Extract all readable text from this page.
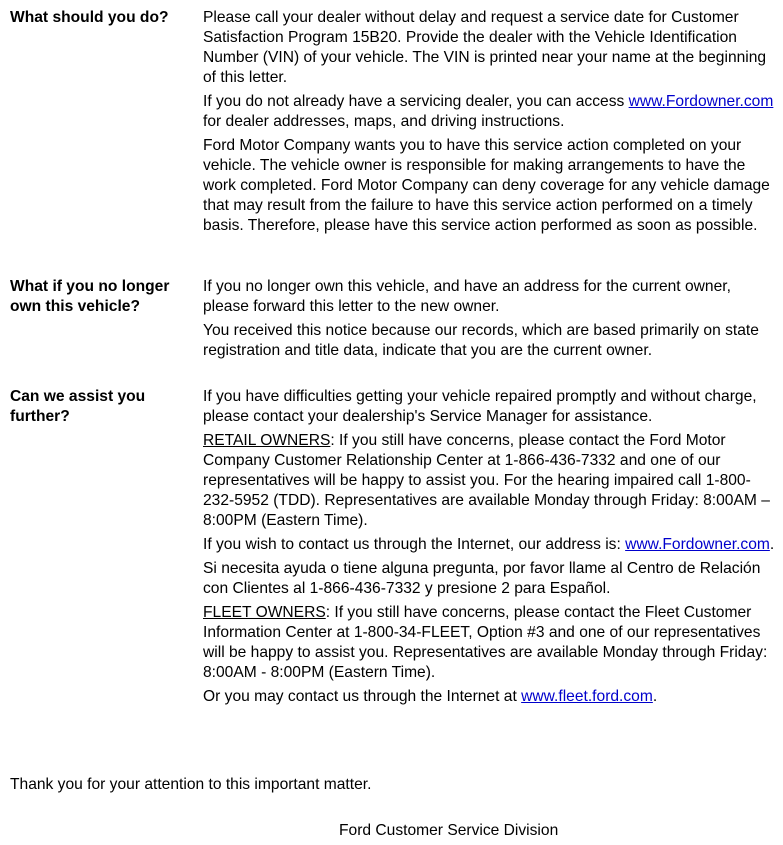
What should you do?	Please call your dealer without delay and request a service date for Customer Satisfaction Program 15B20. Provide the dealer with the Vehicle Identification Number (VIN) of your vehicle. The VIN is printed near your name at the beginning of this letter.

If you do not already have a servicing dealer, you can access www.Fordowner.com for dealer addresses, maps, and driving instructions.

Ford Motor Company wants you to have this service action completed on your vehicle. The vehicle owner is responsible for making arrangements to have the work completed. Ford Motor Company can deny coverage for any vehicle damage that may result from the failure to have this service action performed on a timely basis. Therefore, please have this service action performed as soon as possible.

What if you no longer own this vehicle?

If you no longer own this vehicle, and have an address for the current owner, please forward this letter to the new owner.

You received this notice because our records, which are based primarily on state registration and title data, indicate that you are the current owner.

Can we assist you further?

If you have difficulties getting your vehicle repaired promptly and without charge, please contact your dealership's Service Manager for assistance.

RETAIL OWNERS: If you still have concerns, please contact the Ford Motor Company Customer Relationship Center at 1-866-436-7332 and one of our representatives will be happy to assist you. For the hearing impaired call 1-800-232-5952 (TDD). Representatives are available Monday through Friday: 8:00AM – 8:00PM (Eastern Time).

If you wish to contact us through the Internet, our address is: www.Fordowner.com.

Si necesita ayuda o tiene alguna pregunta, por favor llame al Centro de Relación con Clientes al 1-866-436-7332 y presione 2 para Español.

FLEET OWNERS: If you still have concerns, please contact the Fleet Customer Information Center at 1-800-34-FLEET, Option #3 and one of our representatives will be happy to assist you. Representatives are available Monday through Friday: 8:00AM - 8:00PM (Eastern Time).

Or you may contact us through the Internet at www.fleet.ford.com.

Thank you for your attention to this important matter.
Ford Customer Service Division
